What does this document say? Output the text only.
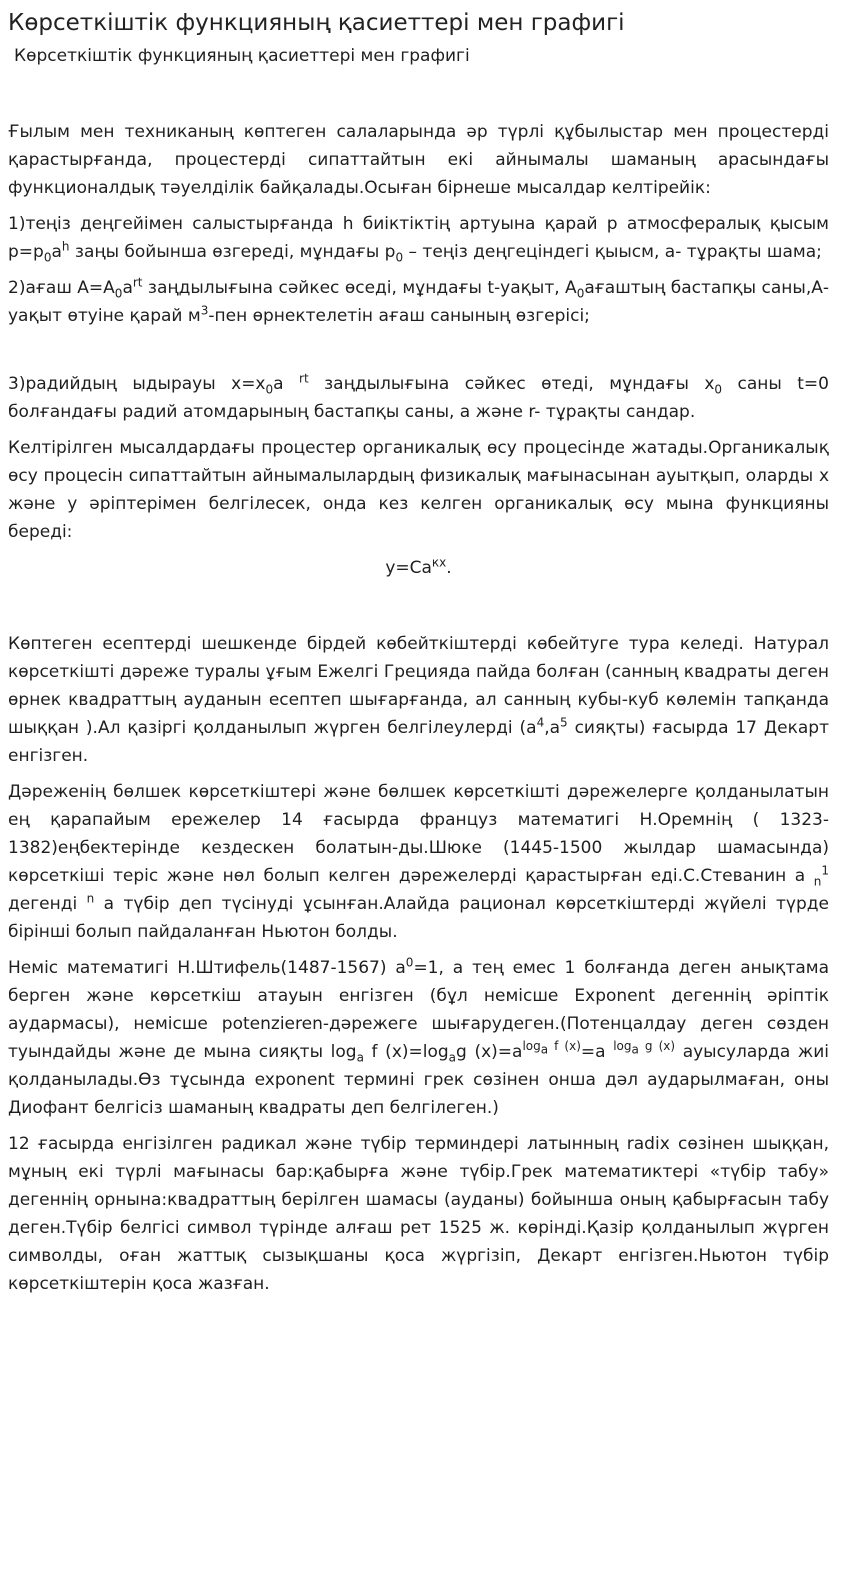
Көрсеткіштік функцияның қасиеттері мен графигі
Көрсеткіштік функцияның қасиеттері мен графигі

Ғылым мен техниканың көптеген салаларында әр түрлі құбылыстар мен процестерді қарастырғанда, процестерді сипаттайтын екі айнымалы шаманың арасындағы функционалдық тәуелділік байқалады.Осыған бірнеше мысалдар келтірейік:

1)теңіз деңгейімен салыстырғанда h биіктіктің артуына қарай p атмосфералық қысым $p=p_0a^h$ заңы бойынша өзгереді, мұндағы $p_0$ – теңіз деңгеціндегі қыысм, a- тұрақты шама;

2)ағаш $А=A_0a^{rt}$ заңдылығына сәйкес өседі, мұндағы t-уақыт, $A_0ағаштың$ бастапқы саны,А- уақыт өтуіне қарай $м^3$-пен өрнектелетін ағаш санының өзгерісі;

3)радийдың ыдырауы $x=x_0a$ $^{rt}$ заңдылығына сәйкес өтеді, мұндағы $x_0$ саны t=0 болғандағы радий атомдарының бастапқы саны, a және r- тұрақты сандар.

Келтірілген мысалдардағы процестер органикалық өсу процесінде жатады.Органикалық өсу процесін сипаттайтын айнымалылардың физикалық мағынасынан ауытқып, оларды x және y әріптерімен белгілесек, онда кез келген органикалық өсу мына функцияны береді:

$y=Ca^{кx}$.

Көптеген есептерді шешкенде бірдей көбейткіштерді көбейтуге тура келеді. Натурал көрсеткішті дәреже туралы ұғым Ежелгі Грецияда пайда болған (санның квадраты деген өрнек квадраттың ауданын есептеп шығарғанда, ал санның кубы-куб көлемін тапқанда шыққан ).Ал қазіргі қолданылып жүрген белгілеулерді ($a^4,a^5$ сияқты) ғасырда 17 Декарт енгізген.

Дәреженің бөлшек көрсеткіштері және бөлшек көрсеткішті дәрежелерге қолданылатын ең қарапайым ережелер 14 ғасырда француз математигі Н.Оремнің ( 1323-1382)еңбектерінде кездескен болатын-ды.Шюке (1445-1500 жылдар шамасында) көрсеткіші теріс және нөл болып келген дәрежелерді қарастырған еді.С.Стеванин a $_n^1$ дегенді $^n$ a түбір деп түсінуді ұсынған.Алайда рационал көрсеткіштерді жүйелі түрде бірінші болып пайдаланған Ньютон болды.

Неміс математигі Н.Штифель(1487-1567) $a^0=1$, a тең емес 1 болғанда деген анықтама берген және көрсеткіш атауын енгізген (бұл немісше Exponent дегеннің әріптік аудармасы), немісше potenzieren-дәрежеге шығарудеген.(Потенцалдау деген сөзден туындайды және де мына сияқты $\log_a f$ $(x)=\log_ag$ $(x)=a^{log_a f (x)}=a$ $^{log_a g (x)}$ ауысуларда жиі қолданылады.Өз тұсында exponent термині грек сөзінен онша дәл аударылмаған, оны Диофант белгісіз шаманың квадраты деп белгілеген.)

12 ғасырда енгізілген радикал және түбір терминдері латынның radix сөзінен шыққан, мұның екі түрлі мағынасы бар:қабырға және түбір.Грек математиктері «түбір табу» дегеннің орнына:квадраттың берілген шамасы (ауданы) бойынша оның қабырғасын табу деген.Түбір белгісі символ түрінде алғаш рет 1525 ж. көрінді.Қазір қолданылып жүрген символды, оған жаттық сызықшаны қоса жүргізіп, Декарт енгізген.Ньютон түбір көрсеткіштерін қоса жазған.
